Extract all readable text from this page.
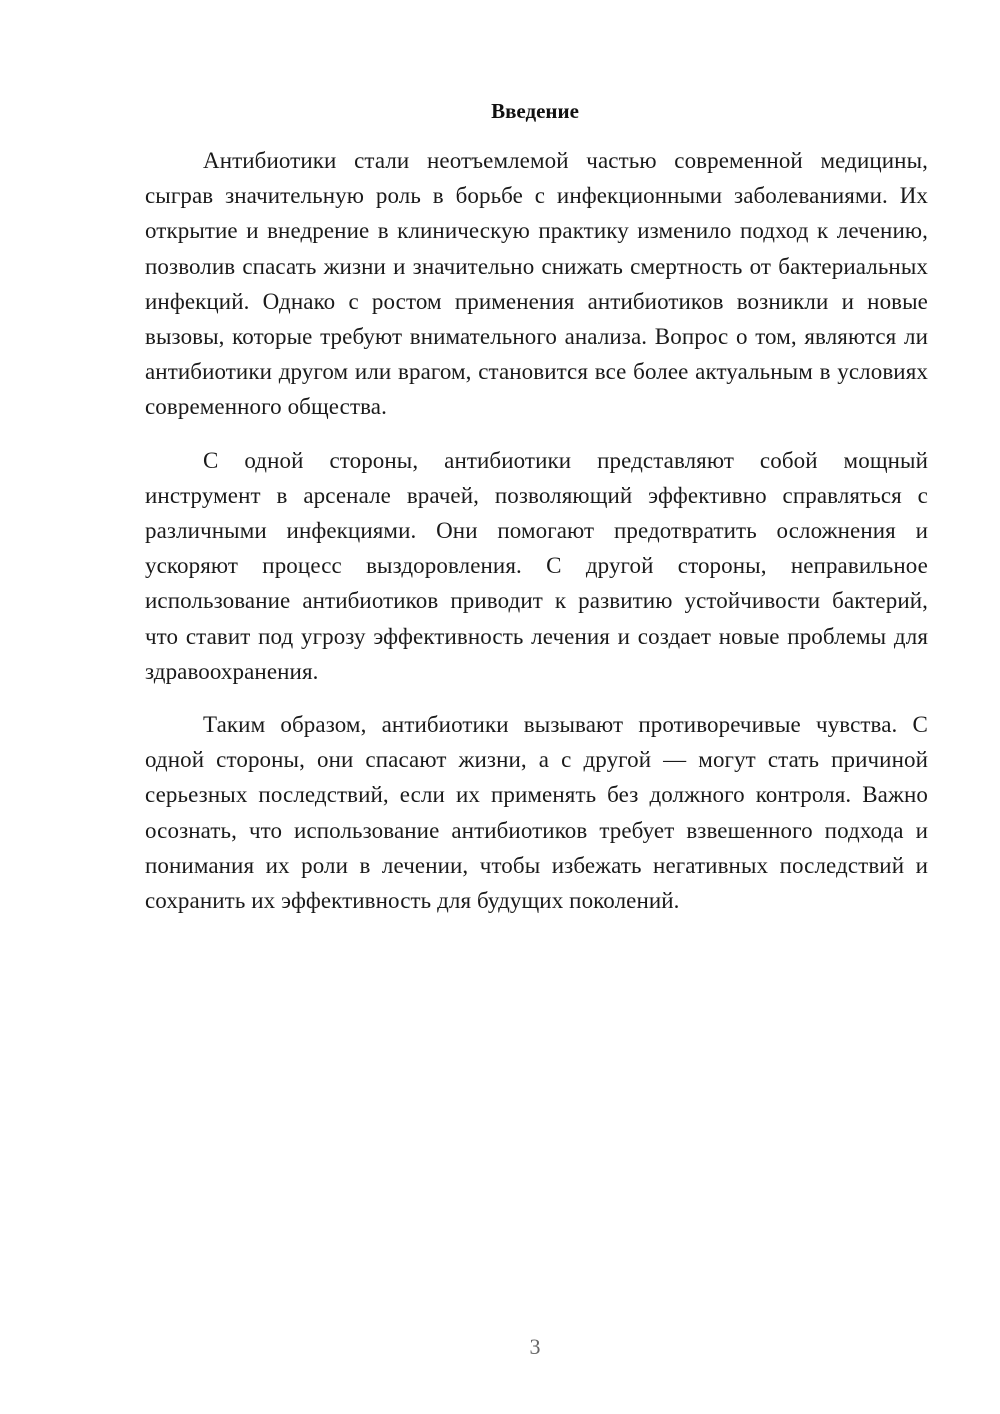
Введение

Антибиотики стали неотъемлемой частью современной медицины, сыграв значительную роль в борьбе с инфекционными заболеваниями. Их открытие и внедрение в клиническую практику изменило подход к лечению, позволив спасать жизни и значительно снижать смертность от бактериальных инфекций. Однако с ростом применения антибиотиков возникли и новые вызовы, которые требуют внимательного анализа. Вопрос о том, являются ли антибиотики другом или врагом, становится все более актуальным в условиях современного общества.

С одной стороны, антибиотики представляют собой мощный инструмент в арсенале врачей, позволяющий эффективно справляться с различными инфекциями. Они помогают предотвратить осложнения и ускоряют процесс выздоровления. С другой стороны, неправильное использование антибиотиков приводит к развитию устойчивости бактерий, что ставит под угрозу эффективность лечения и создает новые проблемы для здравоохранения.

Таким образом, антибиотики вызывают противоречивые чувства. С одной стороны, они спасают жизни, а с другой — могут стать причиной серьезных последствий, если их применять без должного контроля. Важно осознать, что использование антибиотиков требует взвешенного подхода и понимания их роли в лечении, чтобы избежать негативных последствий и сохранить их эффективность для будущих поколений.

3
